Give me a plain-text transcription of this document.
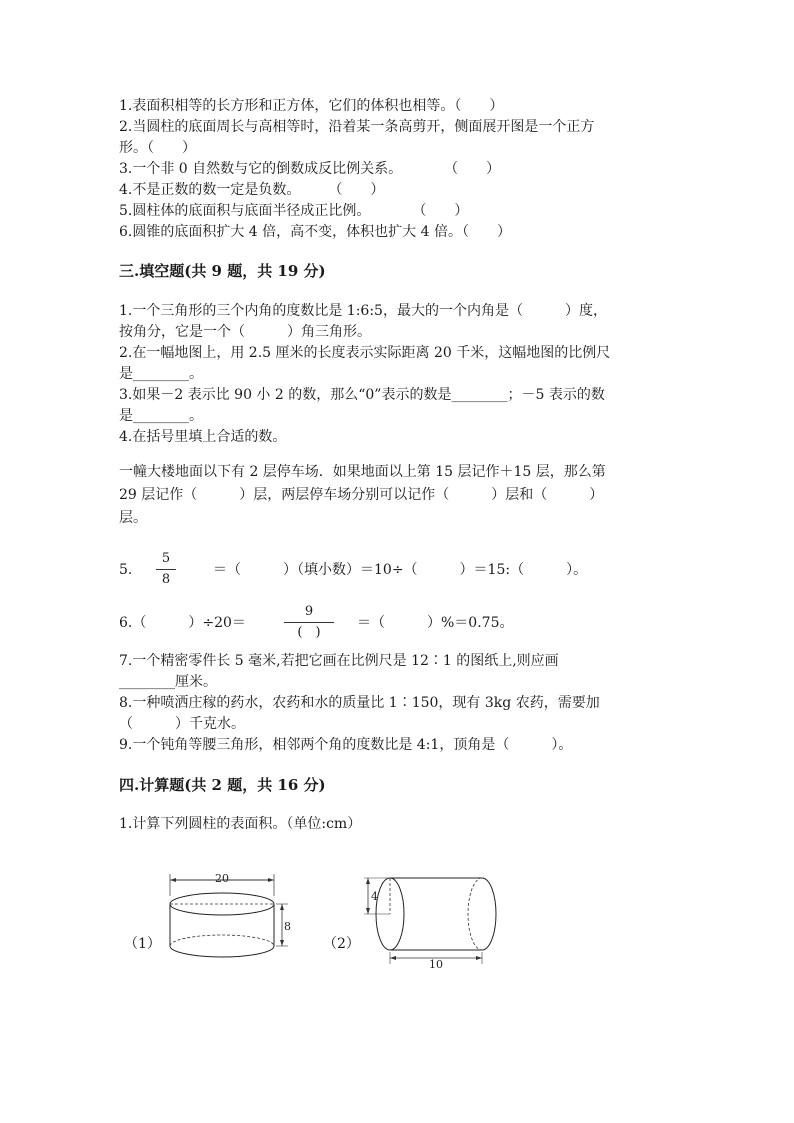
1.表面积相等的长方形和正方体，它们的体积也相等。（　　）
2.当圆柱的底面周长与高相等时，沿着某一条高剪开，侧面展开图是一个正方
形。（　　）
3.一个非 0 自然数与它的倒数成反比例关系。　　　　（　　）
4.不是正数的数一定是负数。　　　（　　）
5.圆柱体的底面积与底面半径成正比例。　　　　（　　）
6.圆锥的底面积扩大 4 倍，高不变，体积也扩大 4 倍。（　　）
三.填空题(共 9 题，共 19 分)
1.一个三角形的三个内角的度数比是 1:6:5，最大的一个内角是（　　　）度，
按角分，它是一个（　　　）角三角形。
2.在一幅地图上，用 2.5 厘米的长度表示实际距离 20 千米，这幅地图的比例尺
是________。
3.如果－2 表示比 90 小 2 的数，那么“0”表示的数是________；－5 表示的数
是________。
4.在括号里填上合适的数。
一幢大楼地面以下有 2 层停车场．如果地面以上第 15 层记作＋15 层，那么第
29 层记作（　　　）层，两层停车场分别可以记作（　　　）层和（　　　）
层。
5.
5
8
＝（　　　）（填小数）＝10÷（　　　）＝15:（　　　）。
6.（　　　）÷20＝
9
(　)
＝（　　　）%＝0.75。
7.一个精密零件长 5 毫米,若把它画在比例尺是 12∶1 的图纸上,则应画
________厘米。
8.一种喷洒庄稼的药水，农药和水的质量比 1∶150，现有 3kg 农药，需要加
（　　　）千克水。
9.一个钝角等腰三角形，相邻两个角的度数比是 4:1，顶角是（　　　）。
四.计算题(共 2 题，共 16 分)
1.计算下列圆柱的表面积。（单位:cm）
（1）
20
8
（2）
4
10
